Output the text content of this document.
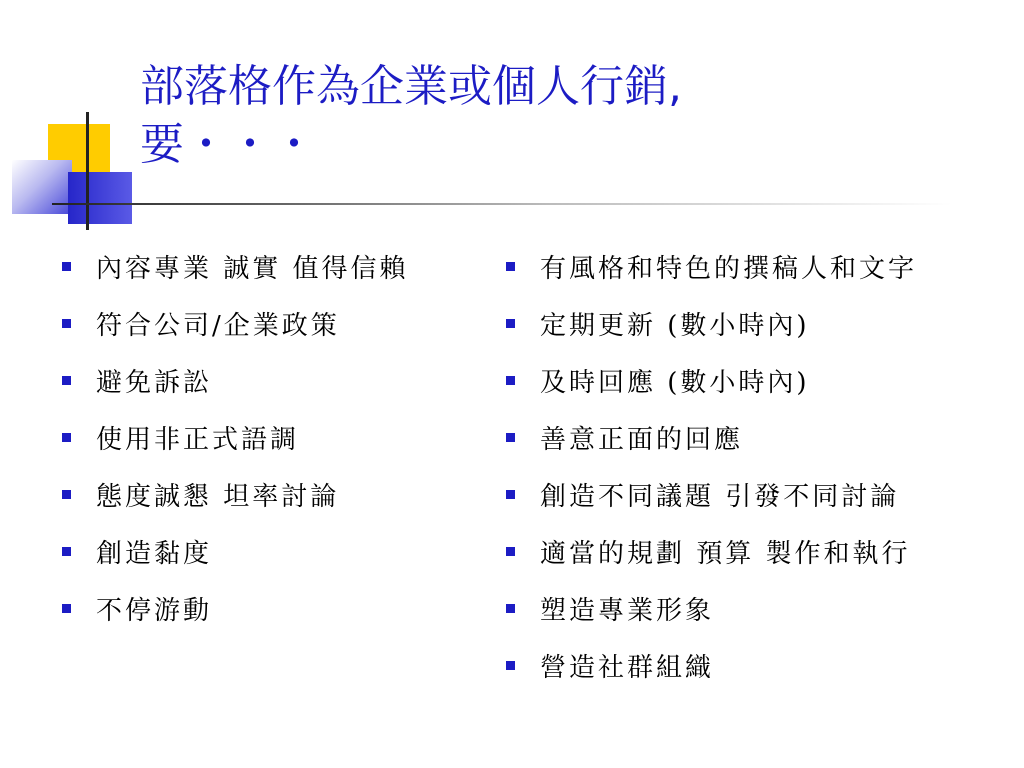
部落格作為企業或個人行銷,
要・・・
內容專業 誠實 值得信賴
符合公司/企業政策
避免訴訟
使用非正式語調
態度誠懇 坦率討論
創造黏度
不停游動
有風格和特色的撰稿人和文字
定期更新 (數小時內)
及時回應 (數小時內)
善意正面的回應
創造不同議題 引發不同討論
適當的規劃 預算 製作和執行
塑造專業形象
營造社群組織
